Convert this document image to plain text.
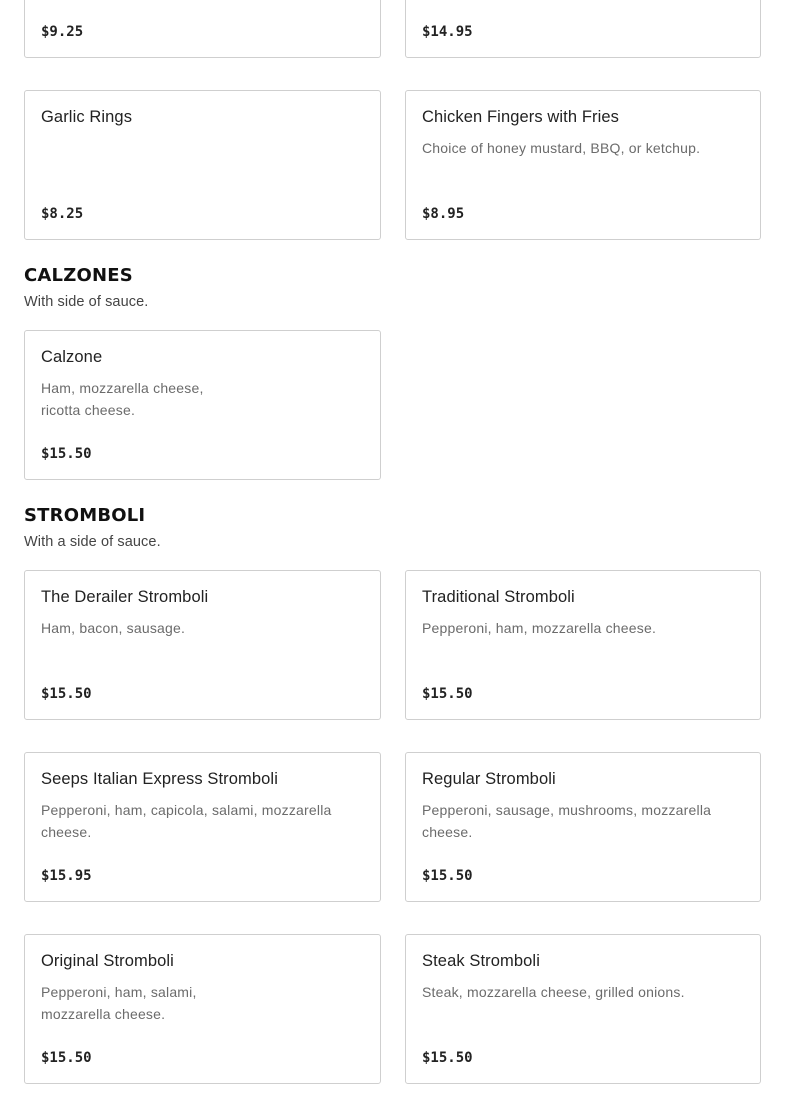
$9.25	$14.95
Garlic Rings
$8.25
Chicken Fingers with Fries
Choice of honey mustard, BBQ, or ketchup.
$8.95
CALZONES

With side of sauce.

Calzone
Ham, mozzarella cheese,
ricotta cheese.
$15.50
STROMBOLI

With a side of sauce.

The Derailer Stromboli
Ham, bacon, sausage.
$15.50
Traditional Stromboli
Pepperoni, ham, mozzarella cheese.
$15.50
Seeps Italian Express Stromboli
Pepperoni, ham, capicola, salami, mozzarella cheese.
$15.95
Regular Stromboli
Pepperoni, sausage, mushrooms, mozzarella cheese.
$15.50
Original Stromboli
Pepperoni, ham, salami,
mozzarella cheese.
$15.50
Steak Stromboli
Steak, mozzarella cheese, grilled onions.
$15.50
